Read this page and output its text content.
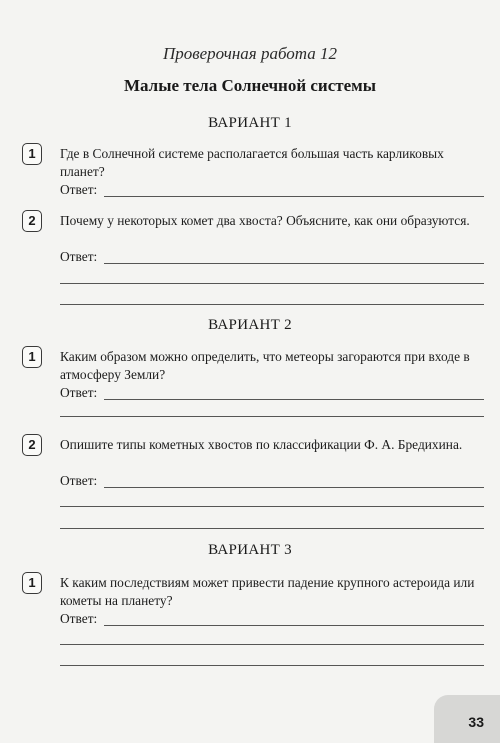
Проверочная работа 12
Малые тела Солнечной системы
ВАРИАНТ 1
1	Где в Солнечной системе располагается большая часть карликовых планет?
Ответ:
2	Почему у некоторых комет два хвоста? Объясните, как они образуются.
Ответ:
ВАРИАНТ 2
1	Каким образом можно определить, что метеоры загораются при входе в атмосферу Земли?
Ответ:
2	Опишите типы кометных хвостов по классификации Ф. А. Бредихина.
Ответ:
ВАРИАНТ 3
1	К каким последствиям может привести падение крупного астероида или кометы на планету?
Ответ:
33
